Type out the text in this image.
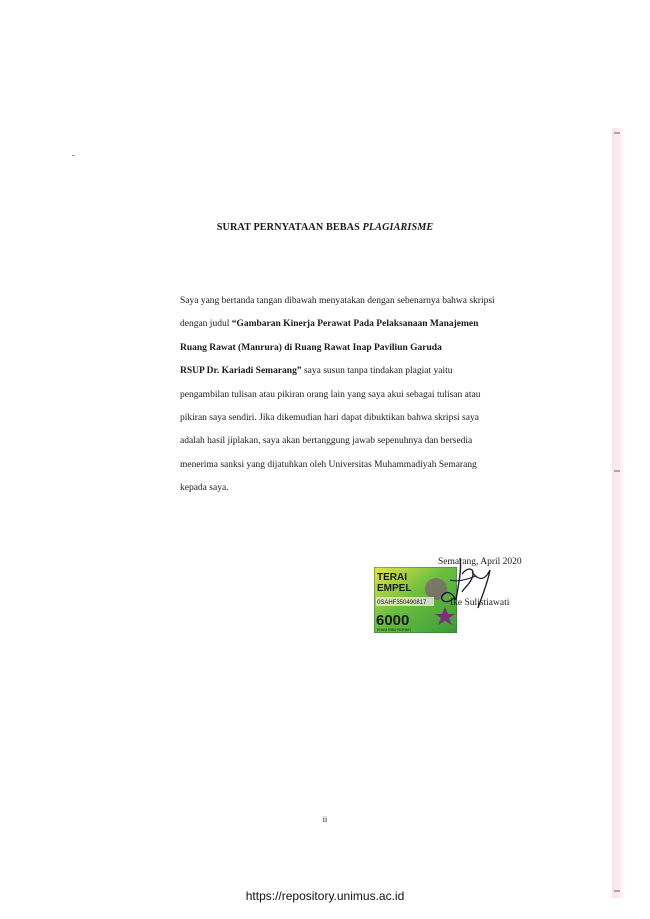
SURAT PERNYATAAN BEBAS PLAGIARISME

Saya yang bertanda tangan dibawah menyatakan dengan sebenarnya bahwa skripsi

dengan judul “Gambaran Kinerja Perawat Pada Pelaksanaan Manajemen

Ruang Rawat (Manrura) di Ruang Rawat Inap Paviliun Garuda

RSUP Dr. Kariadi Semarang” saya susun tanpa tindakan plagiat yaitu

pengambilan tulisan atau pikiran orang lain yang saya akui sebagai tulisan atau

pikiran saya sendiri. Jika dikemudian hari dapat dibuktikan bahwa skripsi saya

adalah hasil jiplakan, saya akan bertanggung jawab sepenuhnya dan bersedia

menerima sanksi yang dijatuhkan oleh Universitas Muhammadiyah Semarang

kepada saya.

TERAI
EMPEL
0SAHF350490817
6000
ENAM RIBU RUPIAH
Semarang, April 2020
Ike Sulistiawati
ii
https://repository.unimus.ac.id
